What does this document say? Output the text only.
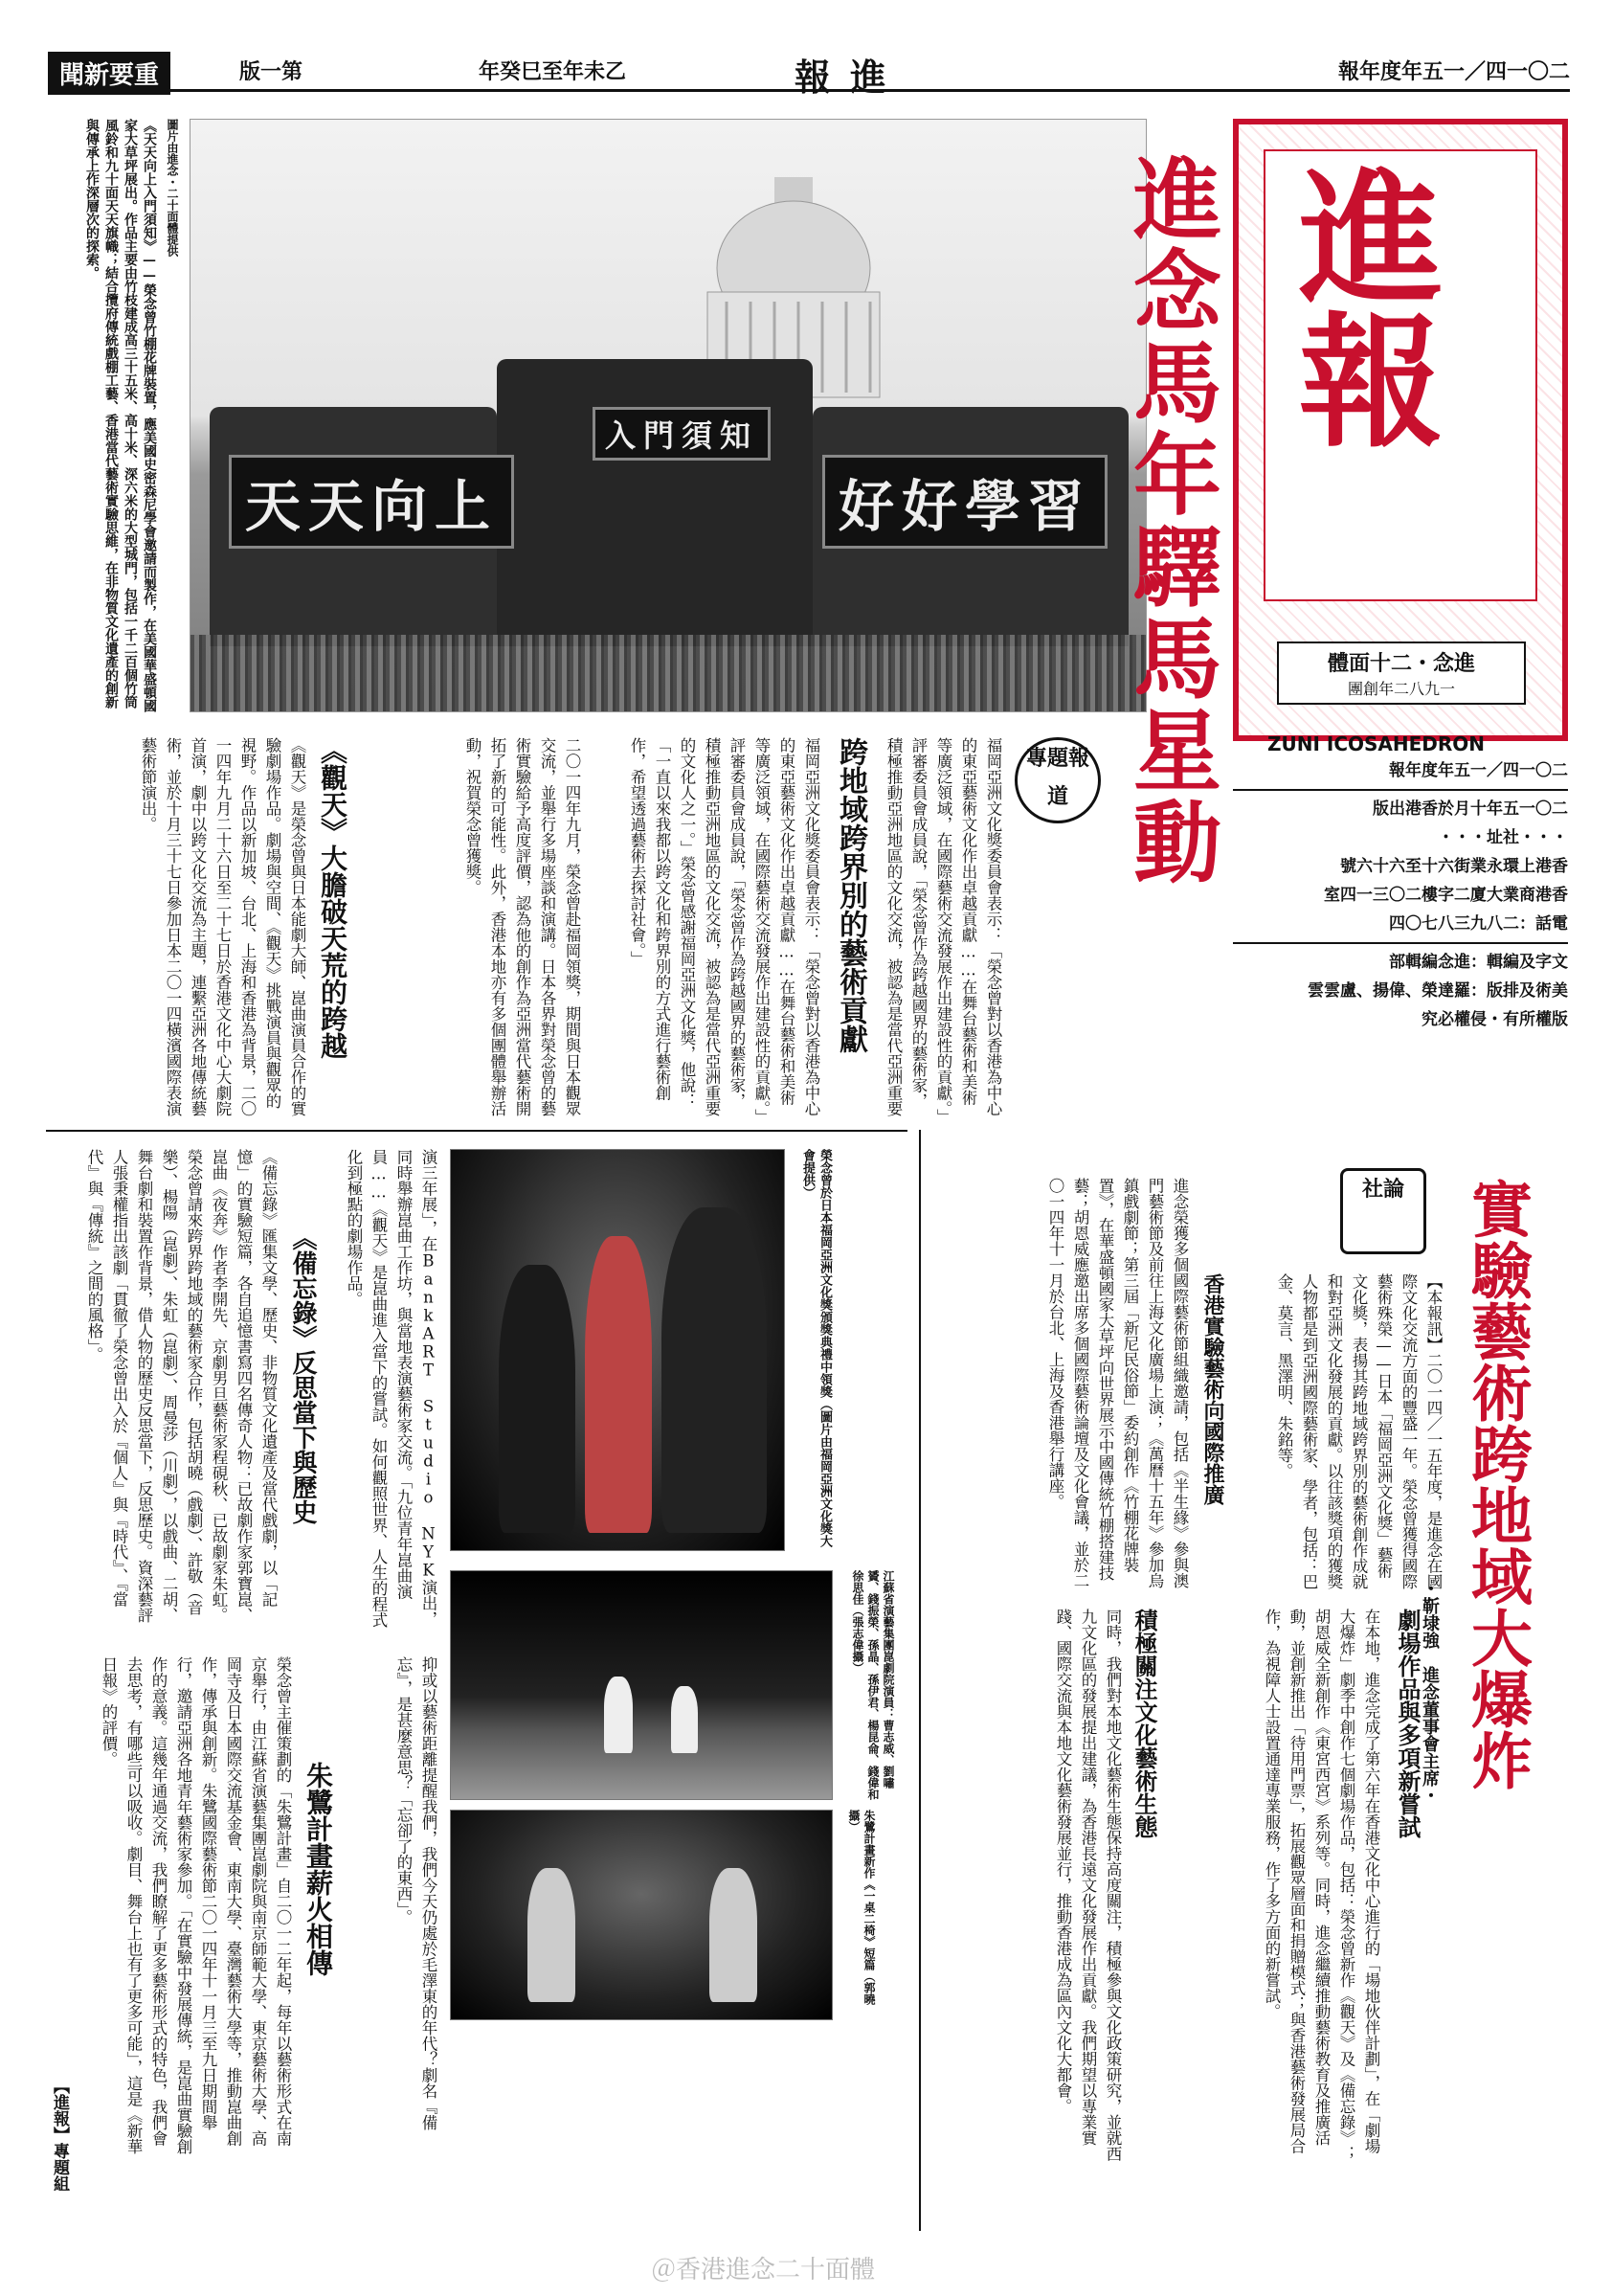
聞新要重	版一第	年癸巳至年未乙	報進	報年度年五一／四一〇二
天天向上
入門須知
好好學習
圖片由進念・二十面體提供
《天天向上入門須知》——榮念曾竹棚花牌裝置，應美國史密森尼學會邀請而製作，在美國華盛頓國家大草坪展出。作品主要由竹枝建成高三十五米、高十米、深六米的大型城門，包括一千二百個竹筒風鈴和九十面天天旗幟；結合攬府傳統戲棚工藝、香港當代藝術實驗思維，在非物質文化遺產的創新與傳承上作深層次的探索。	進念馬年驛馬星動 進報
體面十二・念進
團創年二八九一
ZUNI ICOSAHEDRON
報年度年五一／四一〇二
版出港香於月十年五一〇二
・・・址社・・・
號六十六至十六街業永環上港香
室四一三〇二樓字二廈大業商港香
四〇七八三九八二：話電
部輯編念進：輯編及字文
雲雲盧、揚偉、榮達羅：版排及術美
究必權侵・有所權版
專題報道
跨地域跨界別的藝術貢獻	福岡亞洲文化獎委員會表示：「榮念曾對以香港為中心的東亞藝術文化作出卓越貢獻……在舞台藝術和美術等廣泛領域，在國際藝術交流發展作出建設性的貢獻。」評審委員會成員說，「榮念曾作為跨越國界的藝術家，積極推動亞洲地區的文化交流，被認為是當代亞洲重要
福岡亞洲文化獎委員會表示：「榮念曾對以香港為中心的東亞藝術文化作出卓越貢獻……在舞台藝術和美術等廣泛領域，在國際藝術交流發展作出建設性的貢獻。」評審委員會成員說，「榮念曾作為跨越國界的藝術家，積極推動亞洲地區的文化交流，被認為是當代亞洲重要的文化人之一。」榮念曾感謝福岡亞洲文化獎，他說：「一直以來我都以跨文化和跨界別的方式進行藝術創作，希望透過藝術去探討社會。」
二〇一四年九月，榮念曾赴福岡領獎，期間與日本觀眾交流，並舉行多場座談和演講。日本各界對榮念曾的藝術實驗給予高度評價，認為他的創作為亞洲當代藝術開拓了新的可能性。此外，香港本地亦有多個團體舉辦活動，祝賀榮念曾獲獎。
《觀天》大膽破天荒的跨越
《觀天》是榮念曾與日本能劇大師、崑曲演員合作的實驗劇場作品。劇場與空間、《觀天》挑戰演員與觀眾的視野。作品以新加坡、台北、上海和香港為背景，二〇一四年九月二十六日至二十七日於香港文化中心大劇院首演，劇中以跨文化交流為主題，連繫亞洲各地傳統藝術，並於十月三十七日參加日本二〇一四橫濱國際表演藝術節演出。
實驗藝術跨地域大爆炸
・靳埭強　進念董事會主席・
社論
【本報訊】二〇一四／一五年度，是進念在國際文化交流方面的豐盛一年。榮念曾獲得國際藝術殊榮——日本「福岡亞洲文化獎」藝術文化獎，表揚其跨地域跨界別的藝術創作成就和對亞洲文化發展的貢獻。以往該獎項的獲獎人物都是到亞洲國際藝術家、學者，包括：巴金、莫言、黑澤明、朱銘等。
香港實驗藝術向國際推廣
進念榮獲多個國際藝術節組織邀請，包括《半生緣》參與澳門藝術節及前往上海文化廣場上演；《萬曆十五年》參加烏鎮戲劇節；第三屆「新尼民俗節」委約創作《竹棚花牌裝置》，在華盛頓國家大草坪向世界展示中國傳統竹棚搭建技藝；胡恩威應邀出席多個國際藝術論壇及文化會議，並於二〇一四年十一月於台北、上海及香港舉行講座。
劇場作品與多項新嘗試
在本地，進念完成了第六年在香港文化中心進行的「場地伙伴計劃」，在「劇場大爆炸」劇季中創作七個劇場作品，包括：榮念曾新作《觀天》及《備忘錄》；胡恩威全新創作《東宮西宮》系列等。同時，進念繼續推動藝術教育及推廣活動，並創新推出「待用門票」，拓展觀眾層面和捐贈模式；與香港藝術發展局合作，為視障人士設置通達專業服務，作了多方面的新嘗試。
積極關注文化藝術生態
同時，我們對本地文化藝術生態保持高度關注，積極參與文化政策研究，並就西九文化區的發展提出建議，為香港長遠文化發展作出貢獻。我們期望以專業實踐、國際交流與本地文化藝術發展並行，推動香港成為區內文化大都會。
榮念曾於日本福岡亞洲文化獎頒獎典禮中領獎（圖片由福岡亞洲文化獎大會提供）
江蘇省演藝集團崑劇院演員：曹志威、劉嘯贇、錢振榮、孫晶、孫伊君、楊昆侖、錢偉和徐思佳（張志偉攝）
朱鷺計畫新作《一桌二椅》短篇（郭曉攝）
演三年展」，在BankART Studio NYK演出，同時舉辦崑曲工作坊，與當地表演藝術家交流。「九位青年崑曲演員……《觀天》是崑曲進入當下的嘗試。如何觀照世界、人生的程式化到極點的劇場作品。
《備忘錄》反思當下與歷史
《備忘錄》匯集文學、歷史、非物質文化遺產及當代戲劇，以「記憶」的實驗短篇，各自追憶書寫四名傳奇人物：已故劇作家郭寶崑、崑曲《夜奔》作者李開先、京劇男旦藝術家程硯秋、已故劇家朱虹。榮念曾請來跨界跨地域的藝術家合作，包括胡曉（戲劇）、許敬（音樂）、楊陽（崑劇）、朱虹（崑劇）、周曼莎（川劇），以戲曲、二胡、舞台劇和裝置作背景，借人物的歷史反思當下，反思歷史。資深藝評人張秉權指出該劇「貫徹了榮念曾出入於『個人』與『時代』、『當代』與『傳統』之間的風格」。
抑或以藝術距離提醒我們，我們今天仍處於毛澤東的年代？劇名『備忘』，是甚麼意思？「忘卻了的東西」。
朱鷺計畫薪火相傳
榮念曾主催策劃的「朱鷺計畫」自二〇一二年起，每年以藝術形式在南京舉行，由江蘇省演藝集團崑劇院與南京師範大學、東京藝術大學、高岡寺及日本國際交流基金會、東南大學、臺灣藝術大學等，推動崑曲創作，傳承與創新。朱鷺國際藝術節二〇一四年十一月三至九日期間舉行，邀請亞洲各地青年藝術家參加。「在實驗中發展傳統，是崑曲實驗創作的意義。這幾年通過交流，我們瞭解了更多藝術形式的特色，我們會去思考，有哪些可以吸收。劇目、舞台上也有了更多可能」，這是《新華日報》的評價。
【進報】專題組
＠香港進念二十面體
